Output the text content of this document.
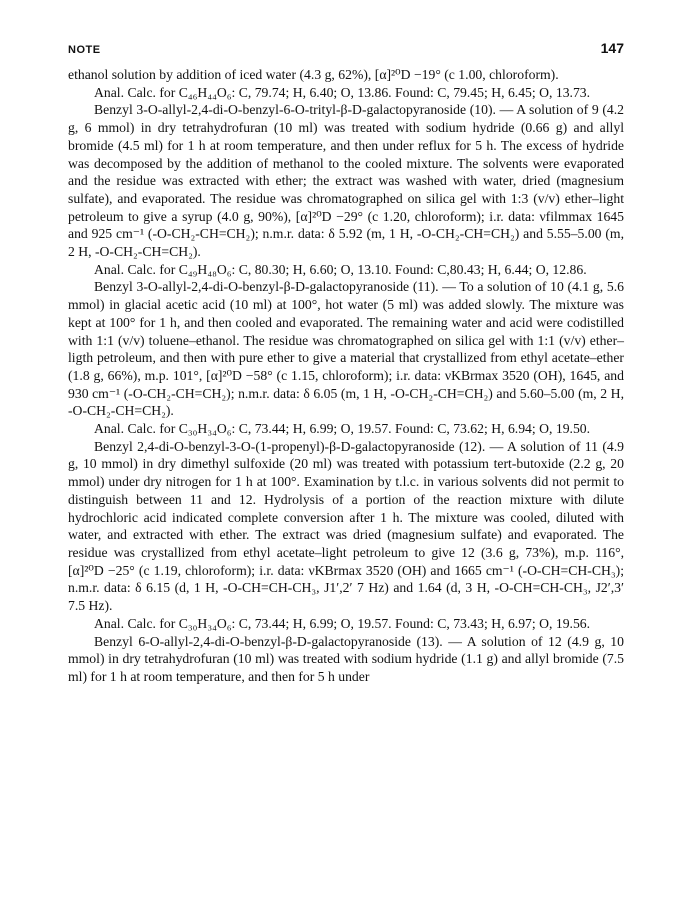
NOTE	147

ethanol solution by addition of iced water (4.3 g, 62%), [α]²⁰D −19° (c 1.00, chloroform).

Anal. Calc. for C₄₆H₄₄O₆: C, 79.74; H, 6.40; O, 13.86. Found: C, 79.45; H, 6.45; O, 13.73.

Benzyl 3-O-allyl-2,4-di-O-benzyl-6-O-trityl-β-D-galactopyranoside (10). — A solution of 9 (4.2 g, 6 mmol) in dry tetrahydrofuran (10 ml) was treated with sodium hydride (0.66 g) and allyl bromide (4.5 ml) for 1 h at room temperature, and then under reflux for 5 h. The excess of hydride was decomposed by the addition of methanol to the cooled mixture. The solvents were evaporated and the residue was extracted with ether; the extract was washed with water, dried (magnesium sulfate), and evaporated. The residue was chromatographed on silica gel with 1:3 (v/v) ether–light petroleum to give a syrup (4.0 g, 90%), [α]²⁰D −29° (c 1.20, chloroform); i.r. data: νfilmmax 1645 and 925 cm⁻¹ (-O-CH₂-CH=CH₂); n.m.r. data: δ 5.92 (m, 1 H, -O-CH₂-CH=CH₂) and 5.55–5.00 (m, 2 H, -O-CH₂-CH=CH₂).

Anal. Calc. for C₄₉H₄₈O₆: C, 80.30; H, 6.60; O, 13.10. Found: C,80.43; H, 6.44; O, 12.86.

Benzyl 3-O-allyl-2,4-di-O-benzyl-β-D-galactopyranoside (11). — To a solution of 10 (4.1 g, 5.6 mmol) in glacial acetic acid (10 ml) at 100°, hot water (5 ml) was added slowly. The mixture was kept at 100° for 1 h, and then cooled and evaporated. The remaining water and acid were codistilled with 1:1 (v/v) toluene–ethanol. The residue was chromatographed on silica gel with 1:1 (v/v) ether–ligth petroleum, and then with pure ether to give a material that crystallized from ethyl acetate–ether (1.8 g, 66%), m.p. 101°, [α]²⁰D −58° (c 1.15, chloroform); i.r. data: νKBrmax 3520 (OH), 1645, and 930 cm⁻¹ (-O-CH₂-CH=CH₂); n.m.r. data: δ 6.05 (m, 1 H, -O-CH₂-CH=CH₂) and 5.60–5.00 (m, 2 H, -O-CH₂-CH=CH₂).

Anal. Calc. for C₃₀H₃₄O₆: C, 73.44; H, 6.99; O, 19.57. Found: C, 73.62; H, 6.94; O, 19.50.

Benzyl 2,4-di-O-benzyl-3-O-(1-propenyl)-β-D-galactopyranoside (12). — A solution of 11 (4.9 g, 10 mmol) in dry dimethyl sulfoxide (20 ml) was treated with potassium tert-butoxide (2.2 g, 20 mmol) under dry nitrogen for 1 h at 100°. Examination by t.l.c. in various solvents did not permit to distinguish between 11 and 12. Hydrolysis of a portion of the reaction mixture with dilute hydrochloric acid indicated complete conversion after 1 h. The mixture was cooled, diluted with water, and extracted with ether. The extract was dried (magnesium sulfate) and evaporated. The residue was crystallized from ethyl acetate–light petroleum to give 12 (3.6 g, 73%), m.p. 116°, [α]²⁰D −25° (c 1.19, chloroform); i.r. data: νKBrmax 3520 (OH) and 1665 cm⁻¹ (-O-CH=CH-CH₃); n.m.r. data: δ 6.15 (d, 1 H, -O-CH=CH-CH₃, J1′,2′ 7 Hz) and 1.64 (d, 3 H, -O-CH=CH-CH₃, J2′,3′ 7.5 Hz).

Anal. Calc. for C₃₀H₃₄O₆: C, 73.44; H, 6.99; O, 19.57. Found: C, 73.43; H, 6.97; O, 19.56.

Benzyl 6-O-allyl-2,4-di-O-benzyl-β-D-galactopyranoside (13). — A solution of 12 (4.9 g, 10 mmol) in dry tetrahydrofuran (10 ml) was treated with sodium hydride (1.1 g) and allyl bromide (7.5 ml) for 1 h at room temperature, and then for 5 h under
